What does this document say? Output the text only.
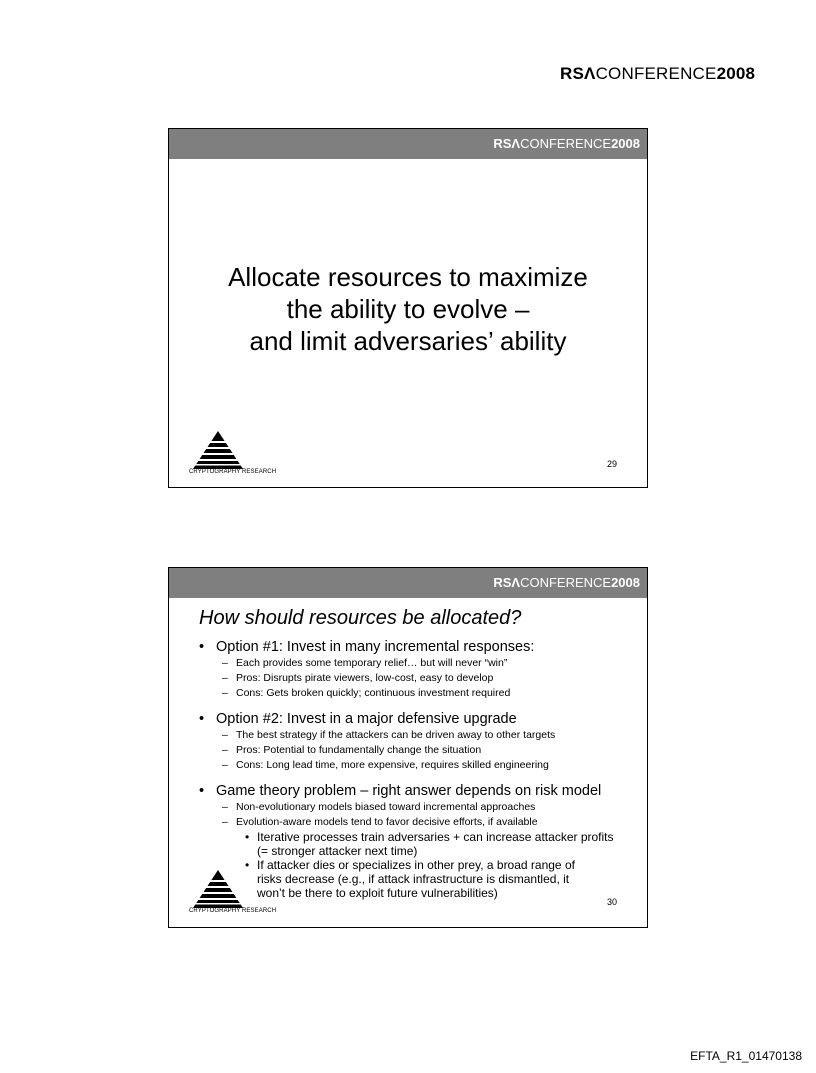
RSΛCONFERENCE2008
RSΛCONFERENCE2008
Allocate resources to maximize
the ability to evolve –
and limit adversaries’ ability
CRYPTOGRAPHY RESEARCH
29
RSΛCONFERENCE2008
How should resources be allocated?
• Option #1: Invest in many incremental responses:
– Each provides some temporary relief… but will never “win”
– Pros: Disrupts pirate viewers, low-cost, easy to develop
– Cons: Gets broken quickly; continuous investment required
• Option #2: Invest in a major defensive upgrade
– The best strategy if the attackers can be driven away to other targets
– Pros: Potential to fundamentally change the situation
– Cons: Long lead time, more expensive, requires skilled engineering
• Game theory problem – right answer depends on risk model
– Non-evolutionary models biased toward incremental approaches
– Evolution-aware models tend to favor decisive efforts, if available
• Iterative processes train adversaries + can increase attacker profits (= stronger attacker next time)
• If attacker dies or specializes in other prey, a broad range of risks decrease (e.g., if attack infrastructure is dismantled, it won’t be there to exploit future vulnerabilities)
CRYPTOGRAPHY RESEARCH
30
EFTA_R1_01470138
